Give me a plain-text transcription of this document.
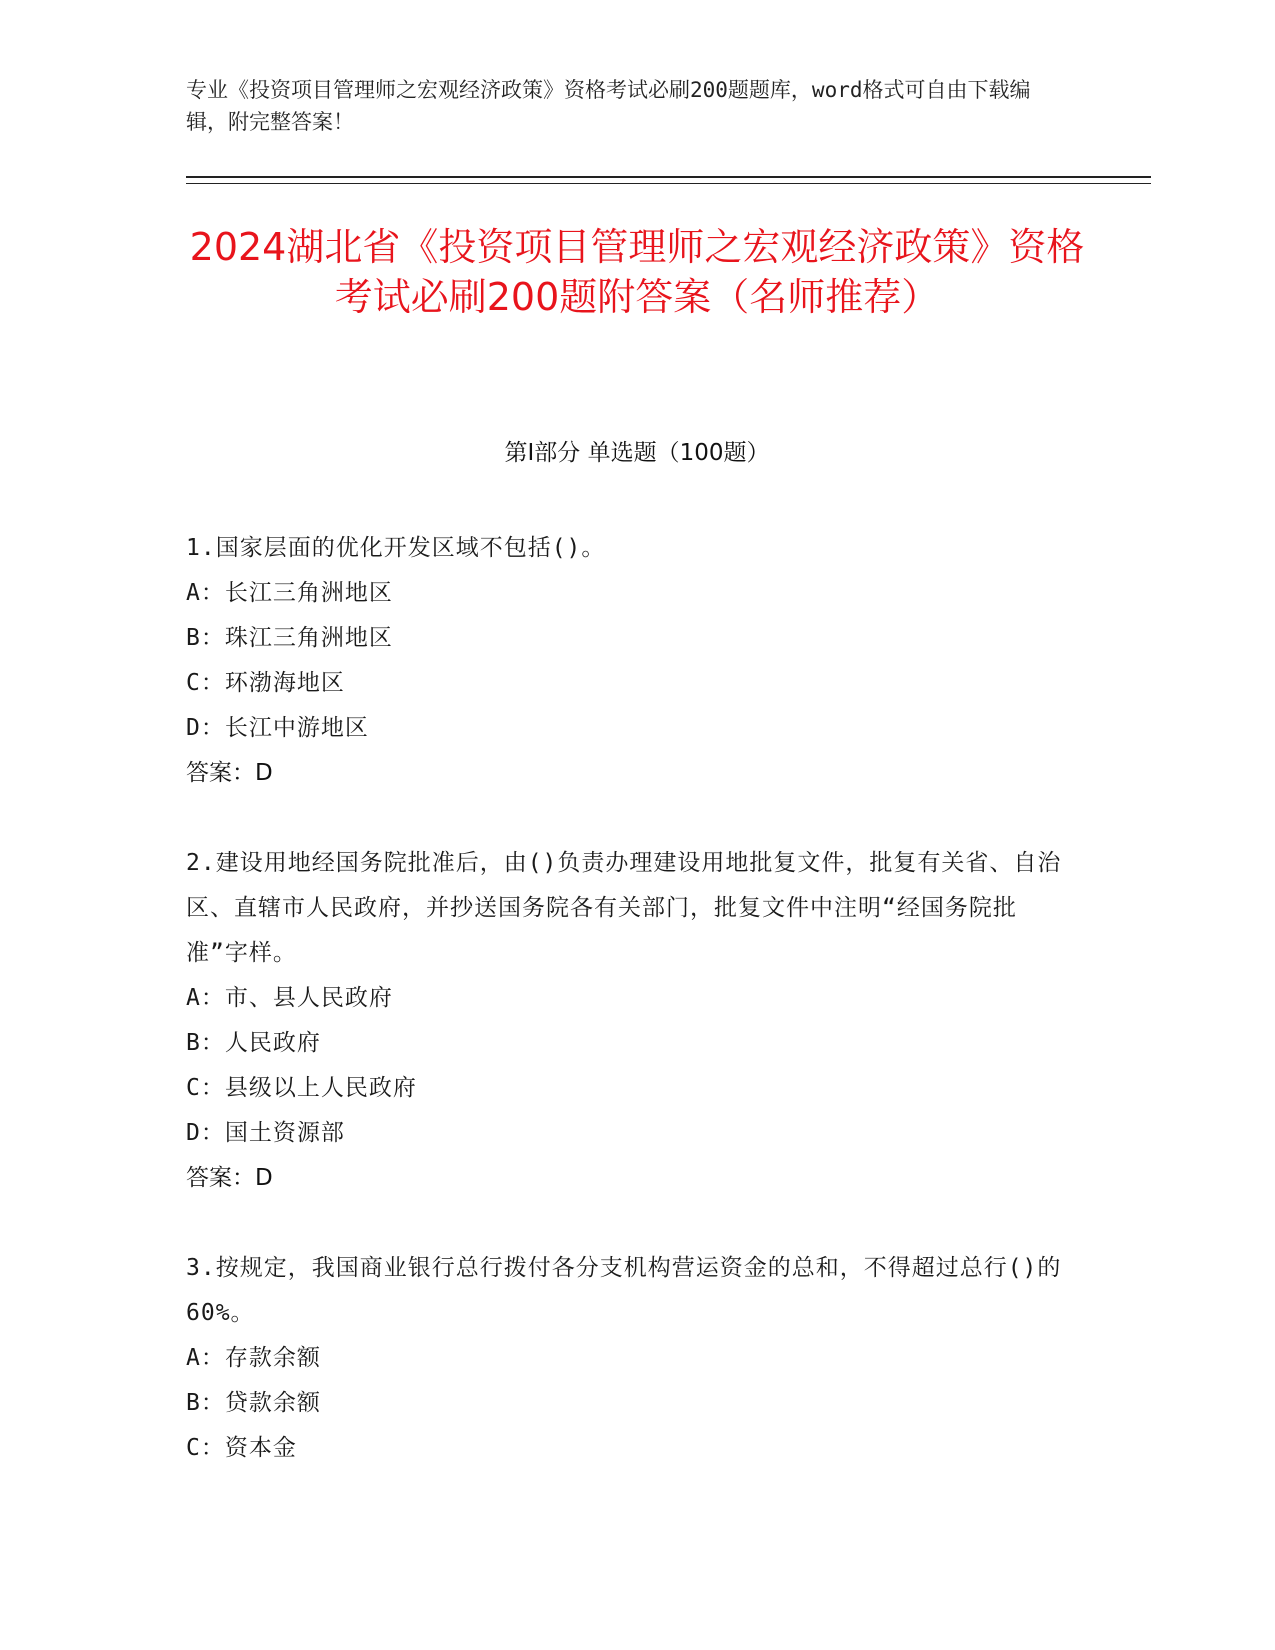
专业《投资项目管理师之宏观经济政策》资格考试必刷200题题库，word格式可自由下载编辑，附完整答案！
2024湖北省《投资项目管理师之宏观经济政策》资格考试必刷200题附答案（名师推荐）
第Ⅰ部分 单选题（100题）
1.国家层面的优化开发区域不包括()。
A：长江三角洲地区
B：珠江三角洲地区
C：环渤海地区
D：长江中游地区
答案：D
2.建设用地经国务院批准后，由()负责办理建设用地批复文件，批复有关省、自治区、直辖市人民政府，并抄送国务院各有关部门，批复文件中注明“经国务院批准”字样。
A：市、县人民政府
B：人民政府
C：县级以上人民政府
D：国土资源部
答案：D
3.按规定，我国商业银行总行拨付各分支机构营运资金的总和，不得超过总行()的60%。
A：存款余额
B：贷款余额
C：资本金
